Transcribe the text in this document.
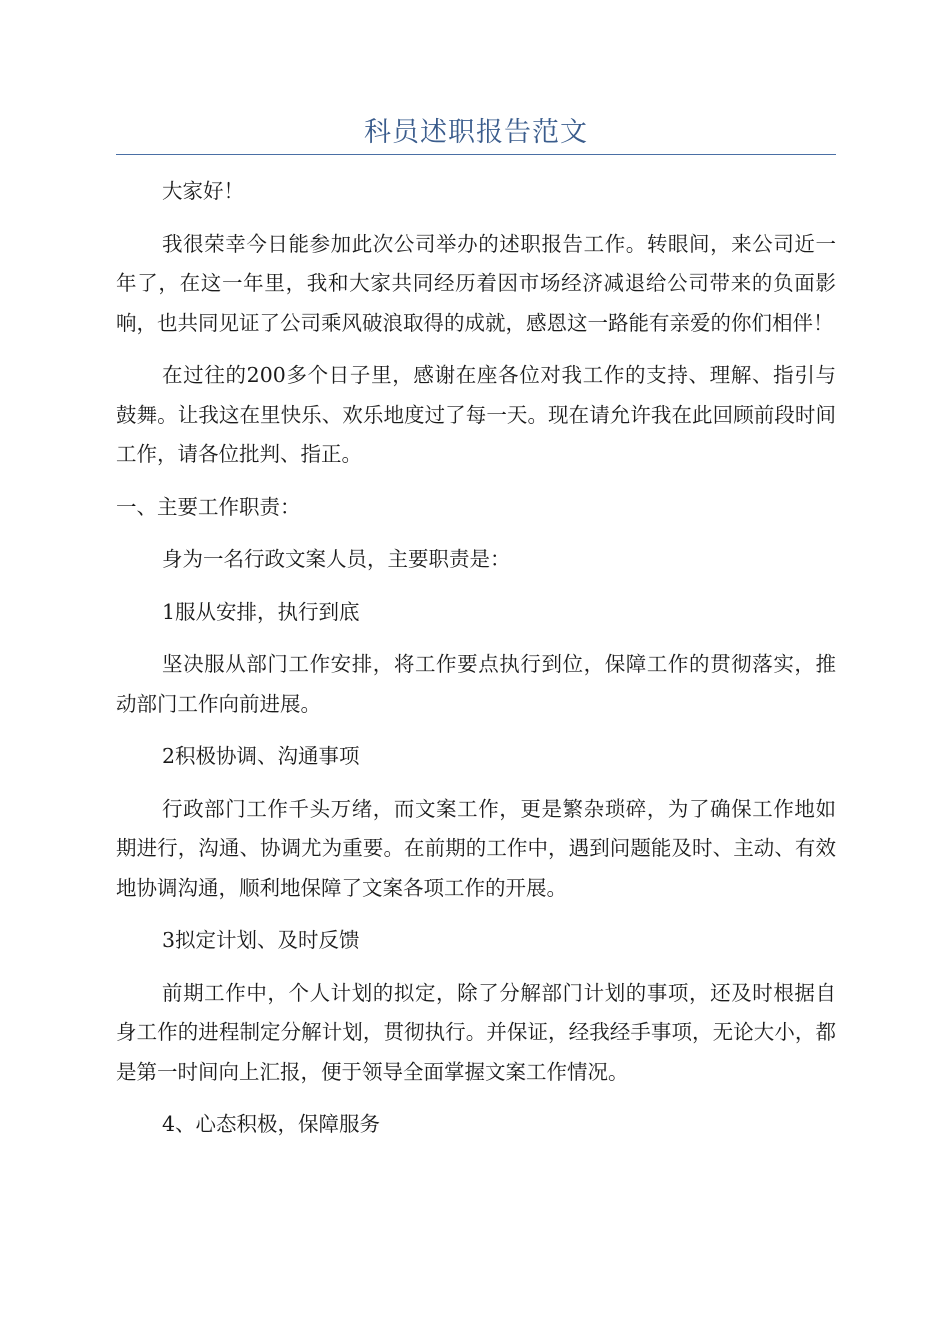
科员述职报告范文

大家好！

我很荣幸今日能参加此次公司举办的述职报告工作。转眼间，来公司近一年了，在这一年里，我和大家共同经历着因市场经济减退给公司带来的负面影响，也共同见证了公司乘风破浪取得的成就，感恩这一路能有亲爱的你们相伴！

在过往的200多个日子里，感谢在座各位对我工作的支持、理解、指引与鼓舞。让我这在里快乐、欢乐地度过了每一天。现在请允许我在此回顾前段时间工作，请各位批判、指正。

一、主要工作职责：

身为一名行政文案人员，主要职责是：

1服从安排，执行到底

坚决服从部门工作安排，将工作要点执行到位，保障工作的贯彻落实，推动部门工作向前进展。

2积极协调、沟通事项

行政部门工作千头万绪，而文案工作，更是繁杂琐碎，为了确保工作地如期进行，沟通、协调尤为重要。在前期的工作中，遇到问题能及时、主动、有效地协调沟通，顺利地保障了文案各项工作的开展。

3拟定计划、及时反馈

前期工作中，个人计划的拟定，除了分解部门计划的事项，还及时根据自身工作的进程制定分解计划，贯彻执行。并保证，经我经手事项，无论大小，都是第一时间向上汇报，便于领导全面掌握文案工作情况。

4、心态积极，保障服务
